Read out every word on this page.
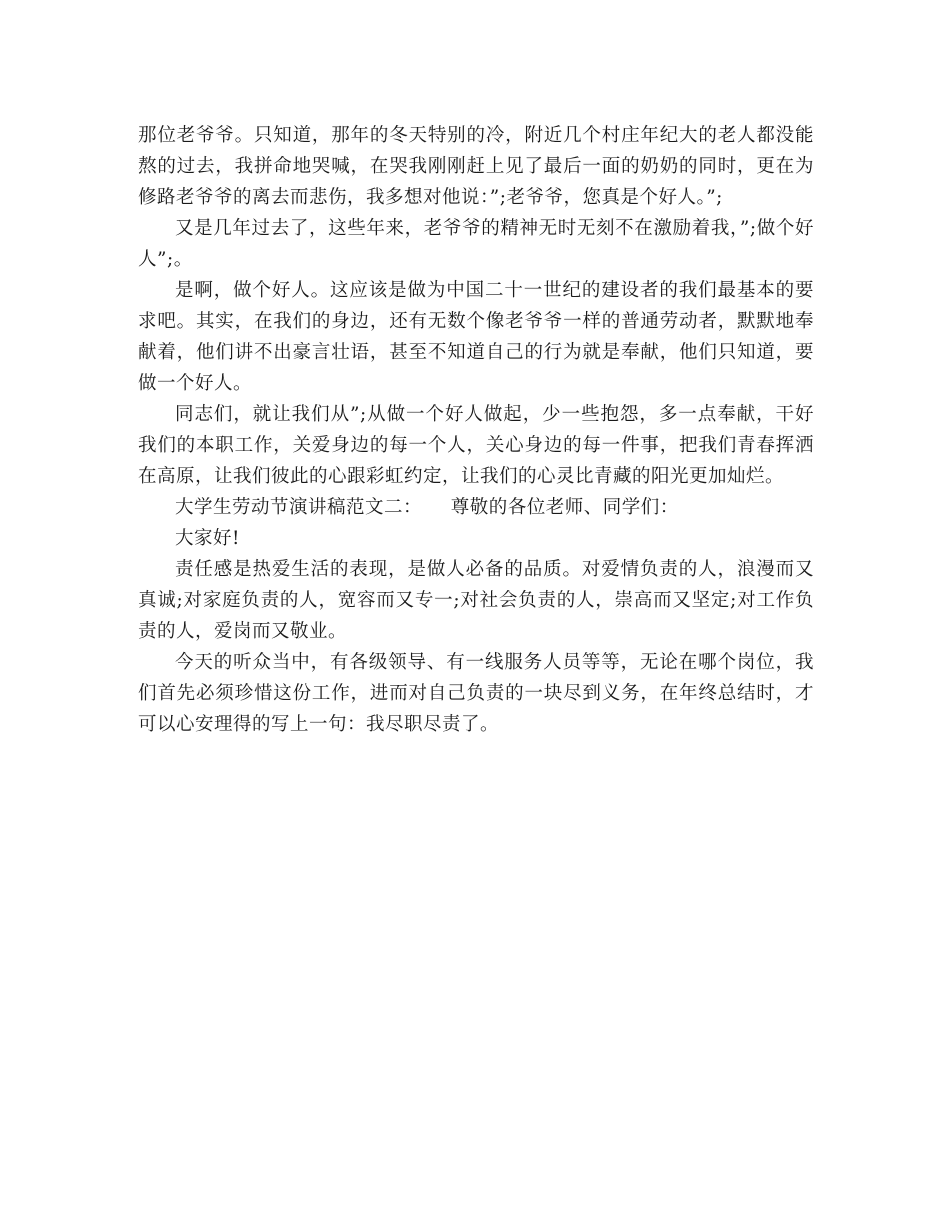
那位老爷爷。只知道，那年的冬天特别的冷，附近几个村庄年纪大的老人都没能熬的过去，我拼命地哭喊，在哭我刚刚赶上见了最后一面的奶奶的同时，更在为修路老爷爷的离去而悲伤，我多想对他说：”;老爷爷，您真是个好人。”;

又是几年过去了，这些年来，老爷爷的精神无时无刻不在激励着我，”;做个好人”;。

是啊，做个好人。这应该是做为中国二十一世纪的建设者的我们最基本的要求吧。其实，在我们的身边，还有无数个像老爷爷一样的普通劳动者，默默地奉献着，他们讲不出豪言壮语，甚至不知道自己的行为就是奉献，他们只知道，要做一个好人。

同志们，就让我们从”;从做一个好人做起，少一些抱怨，多一点奉献，干好我们的本职工作，关爱身边的每一个人，关心身边的每一件事，把我们青春挥洒在高原，让我们彼此的心跟彩虹约定，让我们的心灵比青藏的阳光更加灿烂。

大学生劳动节演讲稿范文二：　　尊敬的各位老师、同学们：

大家好!

责任感是热爱生活的表现，是做人必备的品质。对爱情负责的人，浪漫而又真诚;对家庭负责的人，宽容而又专一;对社会负责的人，崇高而又坚定;对工作负责的人，爱岗而又敬业。

今天的听众当中，有各级领导、有一线服务人员等等，无论在哪个岗位，我们首先必须珍惜这份工作，进而对自己负责的一块尽到义务，在年终总结时，才可以心安理得的写上一句：我尽职尽责了。
